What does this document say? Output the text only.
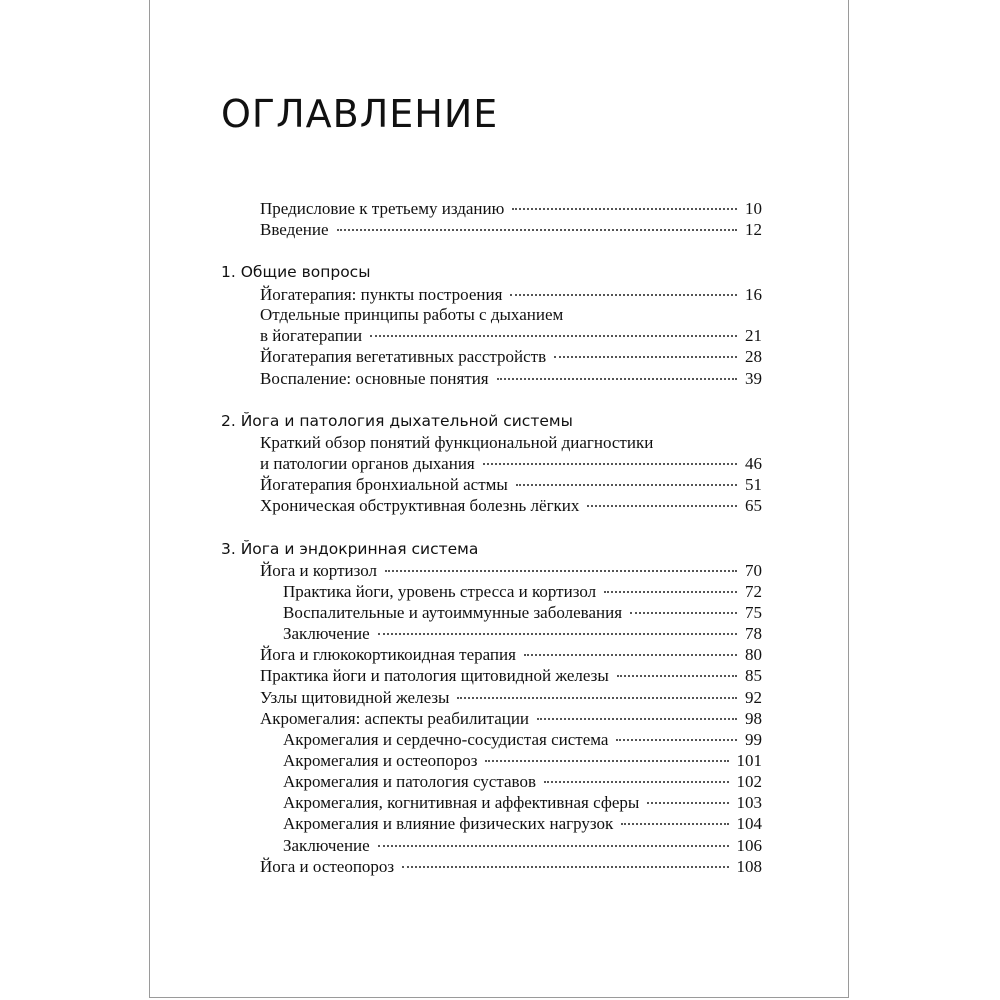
ОГЛАВЛЕНИЕ
Предисловие к третьему изданию	10
Введение	12
1. Общие вопросы
Йогатерапия: пункты построения	16
Отдельные принципы работы с дыханием
в йогатерапии	21
Йогатерапия вегетативных расстройств	28
Воспаление: основные понятия	39
2. Йога и патология дыхательной системы
Краткий обзор понятий функциональной диагностики
и патологии органов дыхания	46
Йогатерапия бронхиальной астмы	51
Хроническая обструктивная болезнь лёгких	65
3. Йога и эндокринная система
Йога и кортизол	70
Практика йоги, уровень стресса и кортизол	72
Воспалительные и аутоиммунные заболевания	75
Заключение	78
Йога и глюкокортикоидная терапия	80
Практика йоги и патология щитовидной железы	85
Узлы щитовидной железы	92
Акромегалия: аспекты реабилитации	98
Акромегалия и сердечно-сосудистая система	99
Акромегалия и остеопороз	101
Акромегалия и патология суставов	102
Акромегалия, когнитивная и аффективная сферы	103
Акромегалия и влияние физических нагрузок	104
Заключение	106
Йога и остеопороз	108
